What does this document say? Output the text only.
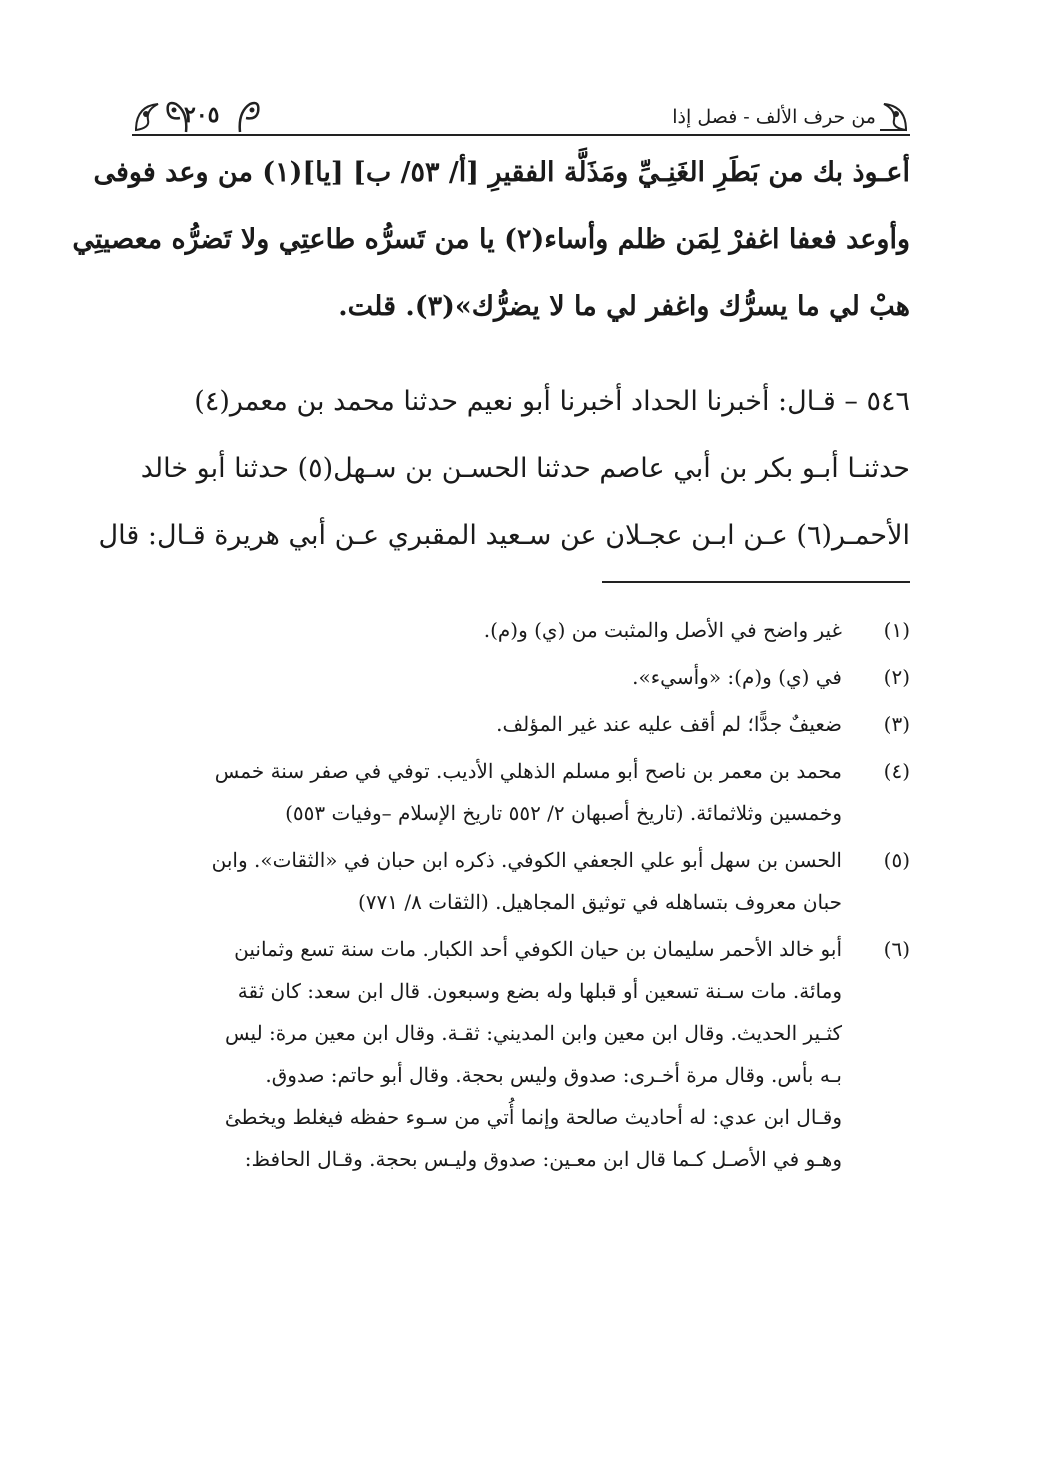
من حرف الألف - فصل إذا
٢٠٥

أعـوذ بك من بَطَرِ الغَنِـيِّ ومَذَلَّة الفقيرِ [أ/ ٥٣/ ب] [يا](١) من وعد فوفى

وأوعد فعفا اغفرْ لِمَن ظلم وأساء(٢) يا من تَسرُّه طاعتِي ولا تَضرُّه معصيتِي

هبْ لي ما يسرُّك واغفر لي ما لا يضرُّك»(٣). قلت.

٥٤٦ – قـال: أخبرنا الحداد أخبرنا أبو نعيم حدثنا محمد بن معمر(٤)

حدثنـا أبـو بكر بن أبي عاصم حدثنا الحسـن بن سـهل(٥) حدثنا أبو خالد

الأحمـر(٦) عـن ابـن عجـلان عن سـعيد المقبري عـن أبي هريرة قـال: قال

(١)
غير واضح في الأصل والمثبت من (ي) و(م).
(٢)
في (ي) و(م): «وأسيء».
(٣)
ضعيفٌ جدًّا؛ لم أقف عليه عند غير المؤلف.
(٤)
محمد بن معمر بن ناصح أبو مسلم الذهلي الأديب. توفي في صفر سنة خمس
وخمسين وثلاثمائة. (تاريخ أصبهان ٢/ ٥٥٢ تاريخ الإسلام –وفيات ٥٥٣)
(٥)
الحسن بن سهل أبو علي الجعفي الكوفي. ذكره ابن حبان في «الثقات». وابن
حبان معروف بتساهله في توثيق المجاهيل. (الثقات ٨/ ٧٧١)
(٦)
أبو خالد الأحمر سليمان بن حيان الكوفي أحد الكبار. مات سنة تسع وثمانين
ومائة. مات سـنة تسعين أو قبلها وله بضع وسبعون. قال ابن سعد: كان ثقة
كثـير الحديث. وقال ابن معين وابن المديني: ثقـة. وقال ابن معين مرة: ليس
بـه بأس. وقال مرة أخـرى: صدوق وليس بحجة. وقال أبو حاتم: صدوق.
وقـال ابن عدي: له أحاديث صالحة وإنما أُتي من سـوء حفظه فيغلط ويخطئ
وهـو في الأصـل كـما قال ابن معـين: صدوق وليـس بحجة. وقـال الحافظ:
